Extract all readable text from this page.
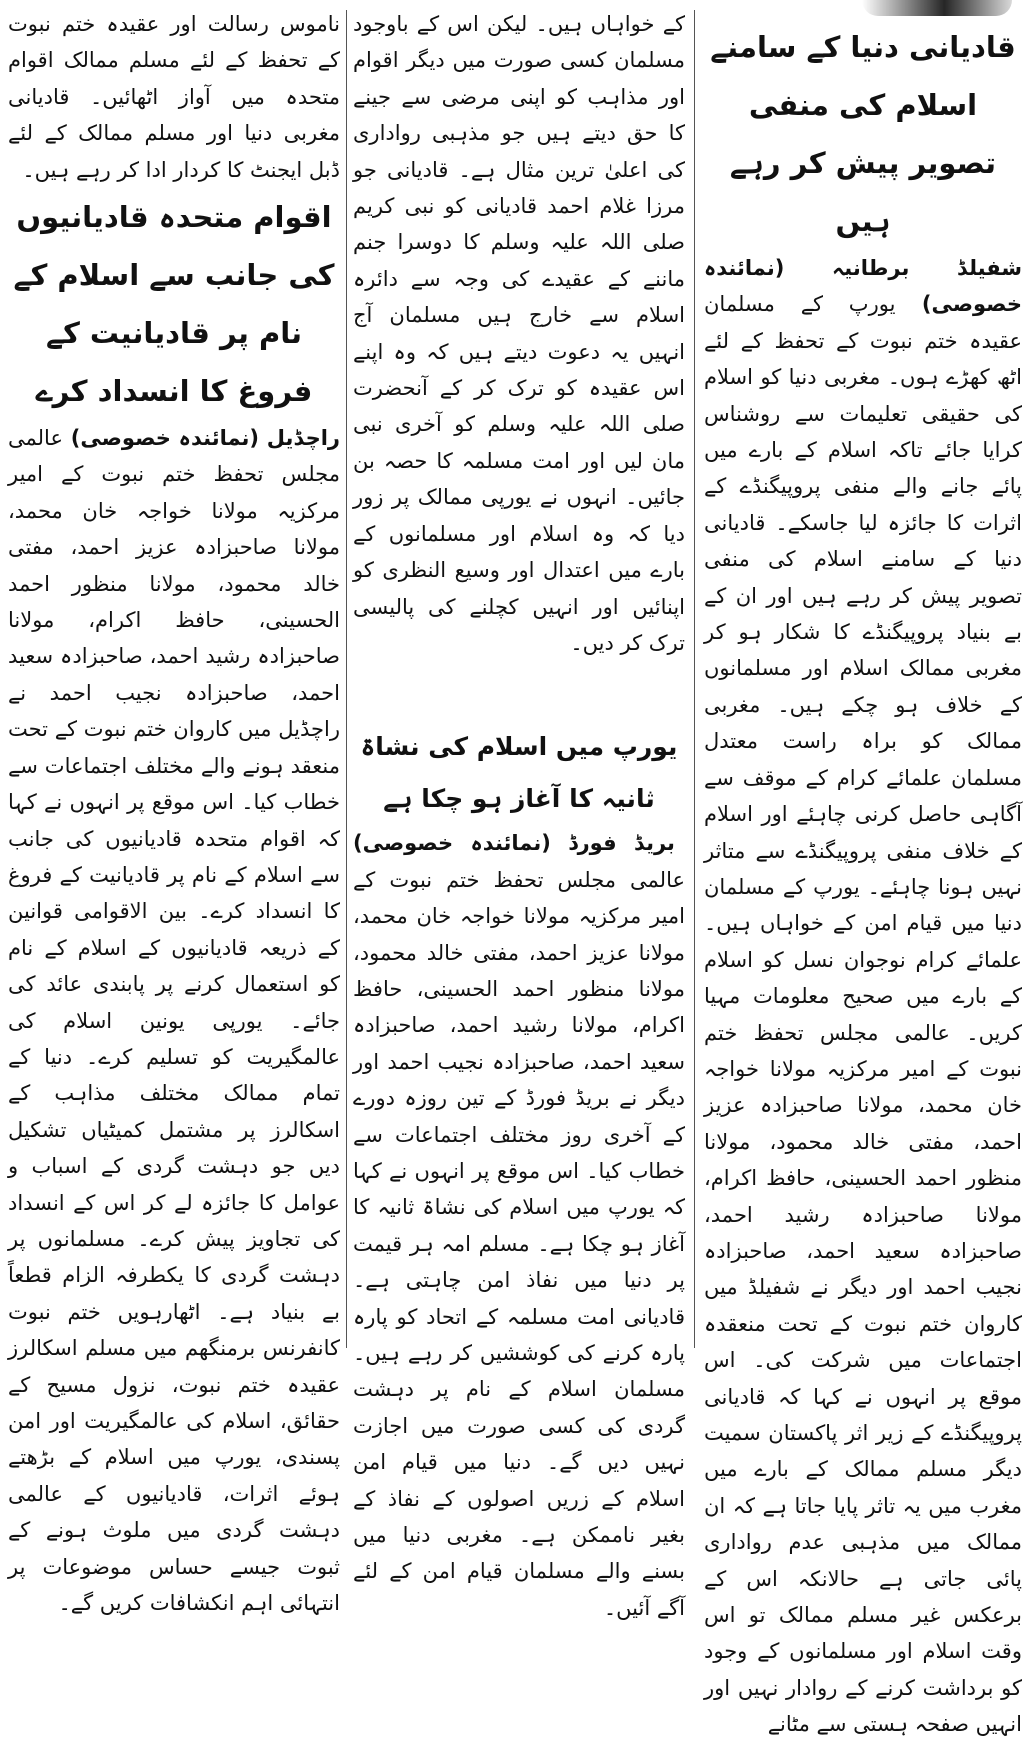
قادیانی دنیا کے سامنے اسلام کی منفی تصویر پیش کر رہے ہیں

شفیلڈ برطانیہ (نمائندہ خصوصی) یورپ کے مسلمان عقیدہ ختم نبوت کے تحفظ کے لئے اٹھ کھڑے ہوں۔ مغربی دنیا کو اسلام کی حقیقی تعلیمات سے روشناس کرایا جائے تاکہ اسلام کے بارے میں پائے جانے والے منفی پروپیگنڈے کے اثرات کا جائزہ لیا جاسکے۔ قادیانی دنیا کے سامنے اسلام کی منفی تصویر پیش کر رہے ہیں اور ان کے بے بنیاد پروپیگنڈے کا شکار ہو کر مغربی ممالک اسلام اور مسلمانوں کے خلاف ہو چکے ہیں۔ مغربی ممالک کو براہ راست معتدل مسلمان علمائے کرام کے موقف سے آگاہی حاصل کرنی چاہئے اور اسلام کے خلاف منفی پروپیگنڈے سے متاثر نہیں ہونا چاہئے۔ یورپ کے مسلمان دنیا میں قیام امن کے خواہاں ہیں۔ علمائے کرام نوجوان نسل کو اسلام کے بارے میں صحیح معلومات مہیا کریں۔ عالمی مجلس تحفظ ختم نبوت کے امیر مرکزیہ مولانا خواجہ خان محمد، مولانا صاحبزادہ عزیز احمد، مفتی خالد محمود، مولانا منظور احمد الحسینی، حافظ اکرام، مولانا صاحبزادہ رشید احمد، صاحبزادہ سعید احمد، صاحبزادہ نجیب احمد اور دیگر نے شفیلڈ میں کاروان ختم نبوت کے تحت منعقدہ اجتماعات میں شرکت کی۔ اس موقع پر انہوں نے کہا کہ قادیانی پروپیگنڈے کے زیر اثر پاکستان سمیت دیگر مسلم ممالک کے بارے میں مغرب میں یہ تاثر پایا جاتا ہے کہ ان ممالک میں مذہبی عدم رواداری پائی جاتی ہے حالانکہ اس کے برعکس غیر مسلم ممالک تو اس وقت اسلام اور مسلمانوں کے وجود کو برداشت کرنے کے روادار نہیں اور انہیں صفحہ ہستی سے مٹانے

کے خواہاں ہیں۔ لیکن اس کے باوجود مسلمان کسی صورت میں دیگر اقوام اور مذاہب کو اپنی مرضی سے جینے کا حق دیتے ہیں جو مذہبی رواداری کی اعلیٰ ترین مثال ہے۔ قادیانی جو مرزا غلام احمد قادیانی کو نبی کریم صلی اللہ علیہ وسلم کا دوسرا جنم ماننے کے عقیدے کی وجہ سے دائرہ اسلام سے خارج ہیں مسلمان آج انہیں یہ دعوت دیتے ہیں کہ وہ اپنے اس عقیدہ کو ترک کر کے آنحضرت صلی اللہ علیہ وسلم کو آخری نبی مان لیں اور امت مسلمہ کا حصہ بن جائیں۔ انہوں نے یورپی ممالک پر زور دیا کہ وہ اسلام اور مسلمانوں کے بارے میں اعتدال اور وسیع النظری کو اپنائیں اور انہیں کچلنے کی پالیسی ترک کر دیں۔

یورپ میں اسلام کی نشاۃ ثانیہ کا آغاز ہو چکا ہے

بریڈ فورڈ (نمائندہ خصوصی) عالمی مجلس تحفظ ختم نبوت کے امیر مرکزیہ مولانا خواجہ خان محمد، مولانا عزیز احمد، مفتی خالد محمود، مولانا منظور احمد الحسینی، حافظ اکرام، مولانا رشید احمد، صاحبزادہ سعید احمد، صاحبزادہ نجیب احمد اور دیگر نے بریڈ فورڈ کے تین روزہ دورے کے آخری روز مختلف اجتماعات سے خطاب کیا۔ اس موقع پر انہوں نے کہا کہ یورپ میں اسلام کی نشاۃ ثانیہ کا آغاز ہو چکا ہے۔ مسلم امہ ہر قیمت پر دنیا میں نفاذ امن چاہتی ہے۔ قادیانی امت مسلمہ کے اتحاد کو پارہ پارہ کرنے کی کوششیں کر رہے ہیں۔ مسلمان اسلام کے نام پر دہشت گردی کی کسی صورت میں اجازت نہیں دیں گے۔ دنیا میں قیام امن اسلام کے زریں اصولوں کے نفاذ کے بغیر ناممکن ہے۔ مغربی دنیا میں بسنے والے مسلمان قیام امن کے لئے آگے آئیں۔

ناموس رسالت اور عقیدہ ختم نبوت کے تحفظ کے لئے مسلم ممالک اقوام متحدہ میں آواز اٹھائیں۔ قادیانی مغربی دنیا اور مسلم ممالک کے لئے ڈبل ایجنٹ کا کردار ادا کر رہے ہیں۔

اقوام متحدہ قادیانیوں کی جانب سے اسلام کے نام پر قادیانیت کے فروغ کا انسداد کرے

راچڈیل (نمائندہ خصوصی) عالمی مجلس تحفظ ختم نبوت کے امیر مرکزیہ مولانا خواجہ خان محمد، مولانا صاحبزادہ عزیز احمد، مفتی خالد محمود، مولانا منظور احمد الحسینی، حافظ اکرام، مولانا صاحبزادہ رشید احمد، صاحبزادہ سعید احمد، صاحبزادہ نجیب احمد نے راچڈیل میں کاروان ختم نبوت کے تحت منعقد ہونے والے مختلف اجتماعات سے خطاب کیا۔ اس موقع پر انہوں نے کہا کہ اقوام متحدہ قادیانیوں کی جانب سے اسلام کے نام پر قادیانیت کے فروغ کا انسداد کرے۔ بین الاقوامی قوانین کے ذریعہ قادیانیوں کے اسلام کے نام کو استعمال کرنے پر پابندی عائد کی جائے۔ یورپی یونین اسلام کی عالمگیریت کو تسلیم کرے۔ دنیا کے تمام ممالک مختلف مذاہب کے اسکالرز پر مشتمل کمیٹیاں تشکیل دیں جو دہشت گردی کے اسباب و عوامل کا جائزہ لے کر اس کے انسداد کی تجاویز پیش کرے۔ مسلمانوں پر دہشت گردی کا یکطرفہ الزام قطعاً بے بنیاد ہے۔ اٹھارہویں ختم نبوت کانفرنس برمنگھم میں مسلم اسکالرز عقیدہ ختم نبوت، نزول مسیح کے حقائق، اسلام کی عالمگیریت اور امن پسندی، یورپ میں اسلام کے بڑھتے ہوئے اثرات، قادیانیوں کے عالمی دہشت گردی میں ملوث ہونے کے ثبوت جیسے حساس موضوعات پر انتہائی اہم انکشافات کریں گے۔
